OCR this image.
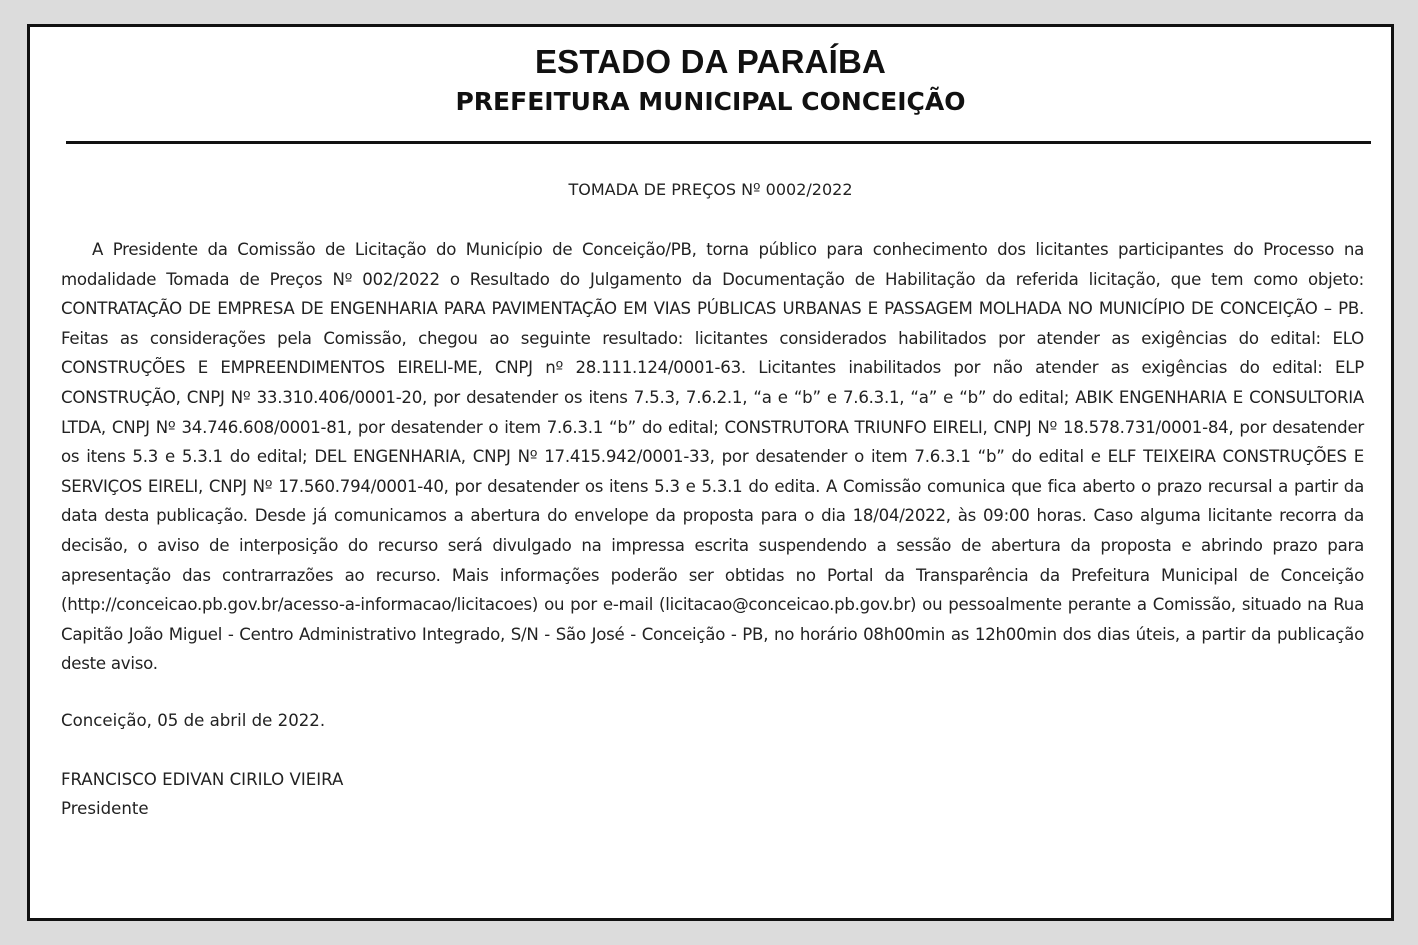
ESTADO DA PARAÍBA
PREFEITURA MUNICIPAL CONCEIÇÃO
TOMADA DE PREÇOS Nº 0002/2022

A Presidente da Comissão de Licitação do Município de Conceição/PB, torna público para conhecimento dos licitantes participantes do Processo na modalidade Tomada de Preços Nº 002/2022 o Resultado do Julgamento da Documentação de Habilitação da referida licitação, que tem como objeto: CONTRATAÇÃO DE EMPRESA DE ENGENHARIA PARA PAVIMENTAÇÃO EM VIAS PÚBLICAS URBANAS E PASSAGEM MOLHADA NO MUNICÍPIO DE CONCEIÇÃO – PB. Feitas as considerações pela Comissão, chegou ao seguinte resultado: licitantes considerados habilitados por atender as exigências do edital: ELO CONSTRUÇÕES E EMPREENDIMENTOS EIRELI-ME, CNPJ nº 28.111.124/0001-63. Licitantes inabilitados por não atender as exigências do edital: ELP CONSTRUÇÃO, CNPJ Nº 33.310.406/0001-20, por desatender os itens 7.5.3, 7.6.2.1, “a e “b” e 7.6.3.1, “a” e “b” do edital; ABIK ENGENHARIA E CONSULTORIA LTDA, CNPJ Nº 34.746.608/0001-81, por desatender o item 7.6.3.1 “b” do edital; CONSTRUTORA TRIUNFO EIRELI, CNPJ Nº 18.578.731/0001-84, por desatender os itens 5.3 e 5.3.1 do edital; DEL ENGENHARIA, CNPJ Nº 17.415.942/0001-33, por desatender o item 7.6.3.1 “b” do edital e ELF TEIXEIRA CONSTRUÇÕES E SERVIÇOS EIRELI, CNPJ Nº 17.560.794/0001-40, por desatender os itens 5.3 e 5.3.1 do edita. A Comissão comunica que fica aberto o prazo recursal a partir da data desta publicação. Desde já comunicamos a abertura do envelope da proposta para o dia 18/04/2022, às 09:00 horas. Caso alguma licitante recorra da decisão, o aviso de interposição do recurso será divulgado na impressa escrita suspendendo a sessão de abertura da proposta e abrindo prazo para apresentação das contrarrazões ao recurso. Mais informações poderão ser obtidas no Portal da Transparência da Prefeitura Municipal de Conceição (http://conceicao.pb.gov.br/acesso-a-informacao/licitacoes) ou por e-mail (licitacao@conceicao.pb.gov.br) ou pessoalmente perante a Comissão, situado na Rua Capitão João Miguel - Centro Administrativo Integrado, S/N - São José - Conceição - PB, no horário 08h00min as 12h00min dos dias úteis, a partir da publicação deste aviso.

Conceição, 05 de abril de 2022.
FRANCISCO EDIVAN CIRILO VIEIRA
Presidente
